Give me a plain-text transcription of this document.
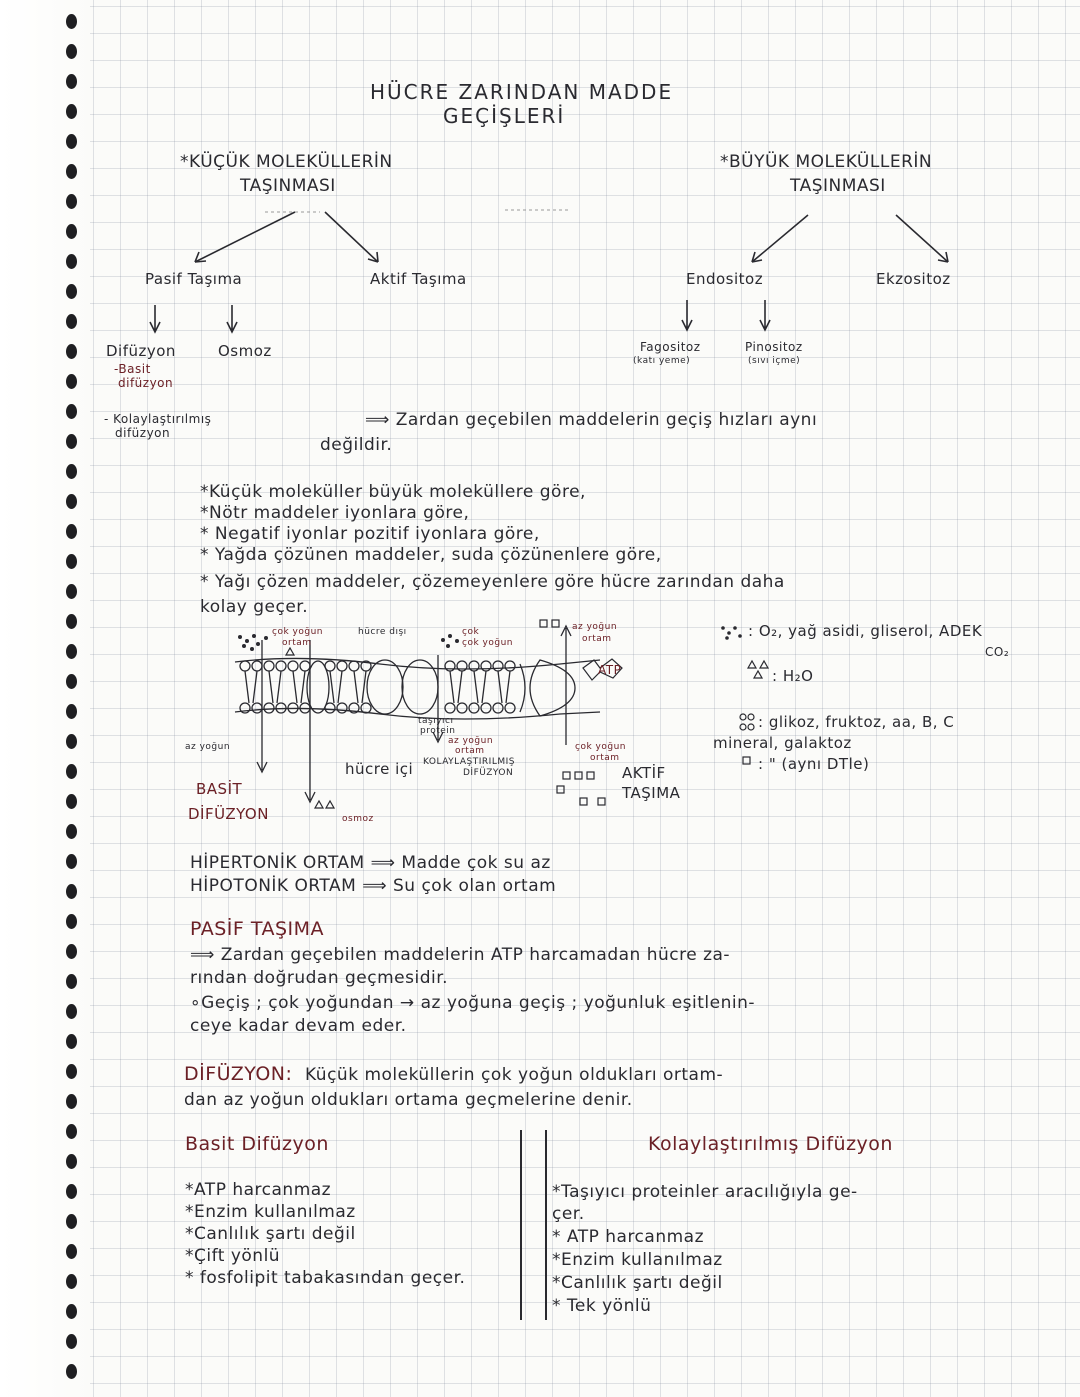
HÜCRE ZARINDAN MADDE
GEÇİŞLERİ
*KÜÇÜK MOLEKÜLLERİN
TAŞINMASI
*BÜYÜK MOLEKÜLLERİN
TAŞINMASI
Pasif Taşıma	Aktif Taşıma	Endositoz	Ekzositoz
Difüzyon	Osmoz
-Basit
difüzyon
- Kolaylaştırılmış
difüzyon
Fagositoz
(katı yeme)
Pinositoz
(sıvı içme)
⟹ Zardan geçebilen maddelerin geçiş hızları aynı
değildir.
*Küçük moleküller büyük moleküllere göre,
*Nötr maddeler iyonlara göre,
* Negatif iyonlar pozitif iyonlara göre,
* Yağda çözünen maddeler, suda çözünenlere göre,
* Yağı çözen maddeler, çözemeyenlere göre hücre zarından daha
kolay geçer.
hücre dışı
çok yoğun
ortam
çok
çok yoğun
az yoğun
ortam
ATP
az yoğun
taşıyıcı
protein
az yoğun
ortam
KOLAYLAŞTIRILMIŞ
DİFÜZYON
çok yoğun
ortam
hücre içi	AKTİF
TAŞIMA
BASİT
DİFÜZYON	osmoz
: O₂, yağ asidi, gliserol, ADEK
CO₂
: H₂O
: glikoz, fruktoz, aa, B, C
mineral, galaktoz
: " (aynı DTle)
HİPERTONİK ORTAM ⟹ Madde çok su az
HİPOTONİK ORTAM ⟹ Su çok olan ortam
PASİF TAŞIMA
⟹ Zardan geçebilen maddelerin ATP harcamadan hücre za-
rından doğrudan geçmesidir.
∘Geçiş ; çok yoğundan → az yoğuna geçiş ; yoğunluk eşitlenin-
ceye kadar devam eder.
DİFÜZYON: Küçük moleküllerin çok yoğun oldukları ortam-
dan az yoğun oldukları ortama geçmelerine denir.
Basit Difüzyon
*ATP harcanmaz
*Enzim kullanılmaz
*Canlılık şartı değil
*Çift yönlü
* fosfolipit tabakasından geçer.
Kolaylaştırılmış Difüzyon
*Taşıyıcı proteinler aracılığıyla ge-
çer.
* ATP harcanmaz
*Enzim kullanılmaz
*Canlılık şartı değil
* Tek yönlü
